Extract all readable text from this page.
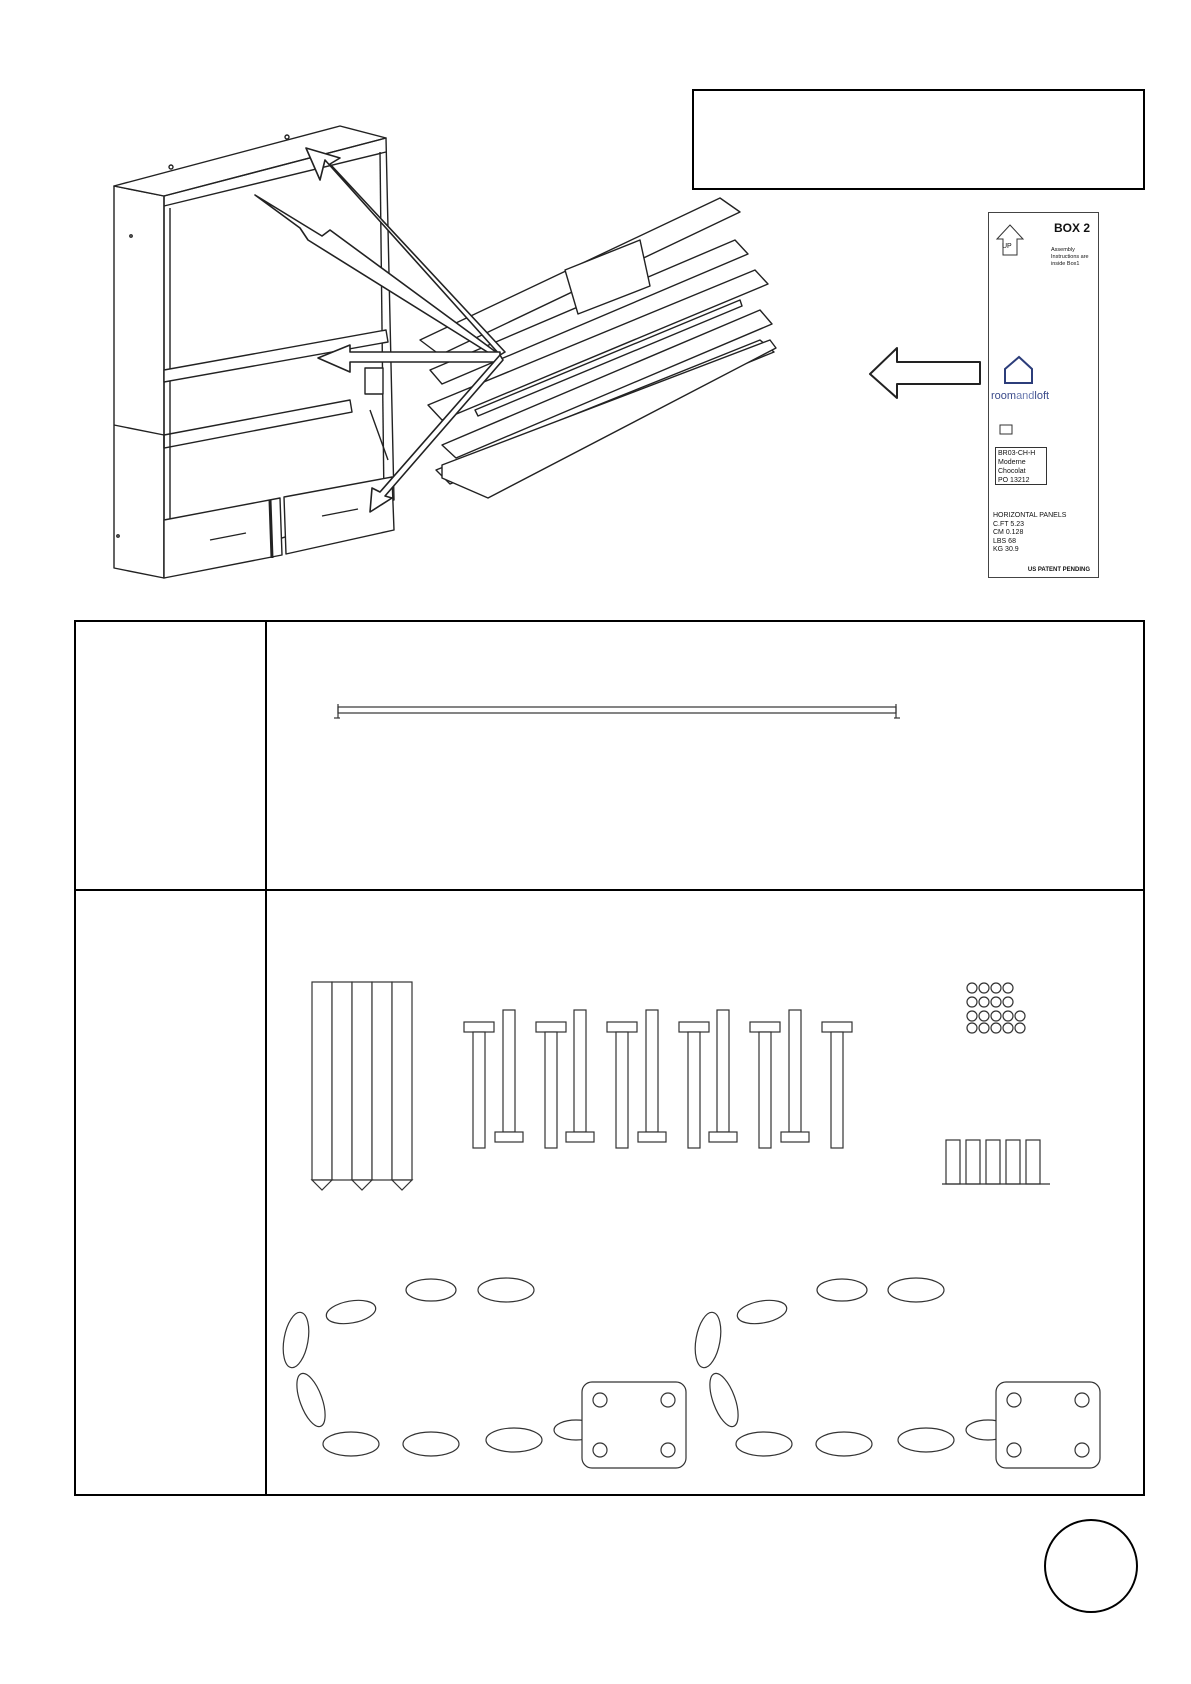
BOX 2
UP	Assembly Instructions are inside Box1
roomandloft
BR03-CH-H
Moderne
Chocolat
PO 13212
HORIZONTAL PANELS
C.FT 5.23
CM 0.128
LBS 68
KG 30.9
US PATENT PENDING
